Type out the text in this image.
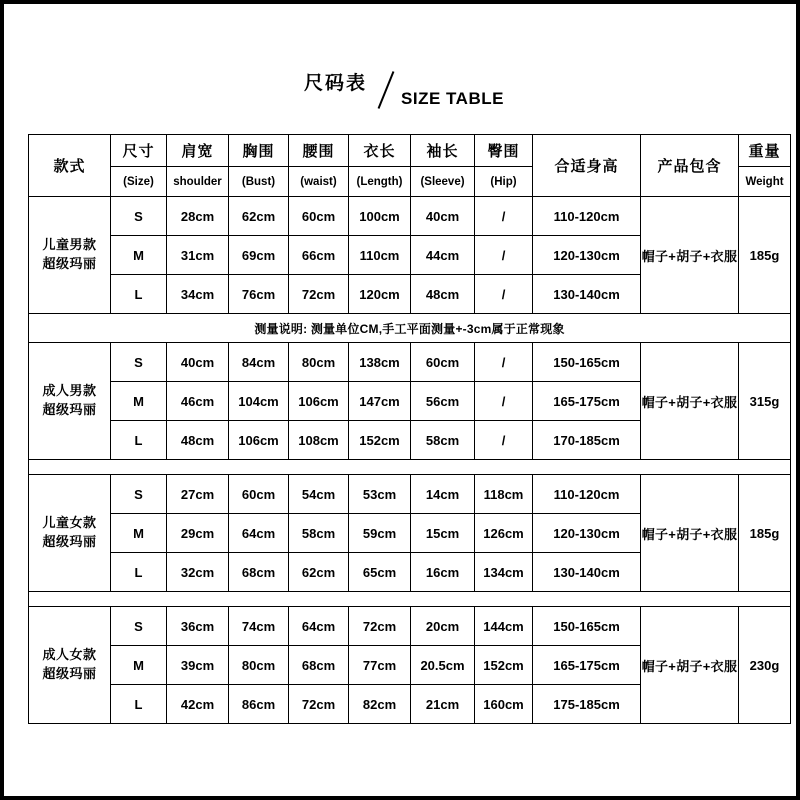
尺码表
SIZE TABLE
款式	尺寸	肩宽	胸围	腰围	衣长	袖长	臀围	合适身高	产品包含	重量
	(Size)	shoulder	(Bust)	(waist)	(Length)	(Sleeve)	(Hip)			Weight
儿童男款
超级玛丽	S	28cm	62cm	60cm	100cm	40cm	/	110-120cm	帽子+胡子+衣服	185g
	M	31cm	69cm	66cm	110cm	44cm	/	120-130cm		
	L	34cm	76cm	72cm	120cm	48cm	/	130-140cm		
测量说明: 测量单位CM,手工平面测量+-3cm属于正常现象										
成人男款
超级玛丽	S	40cm	84cm	80cm	138cm	60cm	/	150-165cm	帽子+胡子+衣服	315g
	M	46cm	104cm	106cm	147cm	56cm	/	165-175cm		
	L	48cm	106cm	108cm	152cm	58cm	/	170-185cm		

儿童女款
超级玛丽	S	27cm	60cm	54cm	53cm	14cm	118cm	110-120cm	帽子+胡子+衣服	185g
	M	29cm	64cm	58cm	59cm	15cm	126cm	120-130cm		
	L	32cm	68cm	62cm	65cm	16cm	134cm	130-140cm		

成人女款
超级玛丽	S	36cm	74cm	64cm	72cm	20cm	144cm	150-165cm	帽子+胡子+衣服	230g
	M	39cm	80cm	68cm	77cm	20.5cm	152cm	165-175cm		
	L	42cm	86cm	72cm	82cm	21cm	160cm	175-185cm		
